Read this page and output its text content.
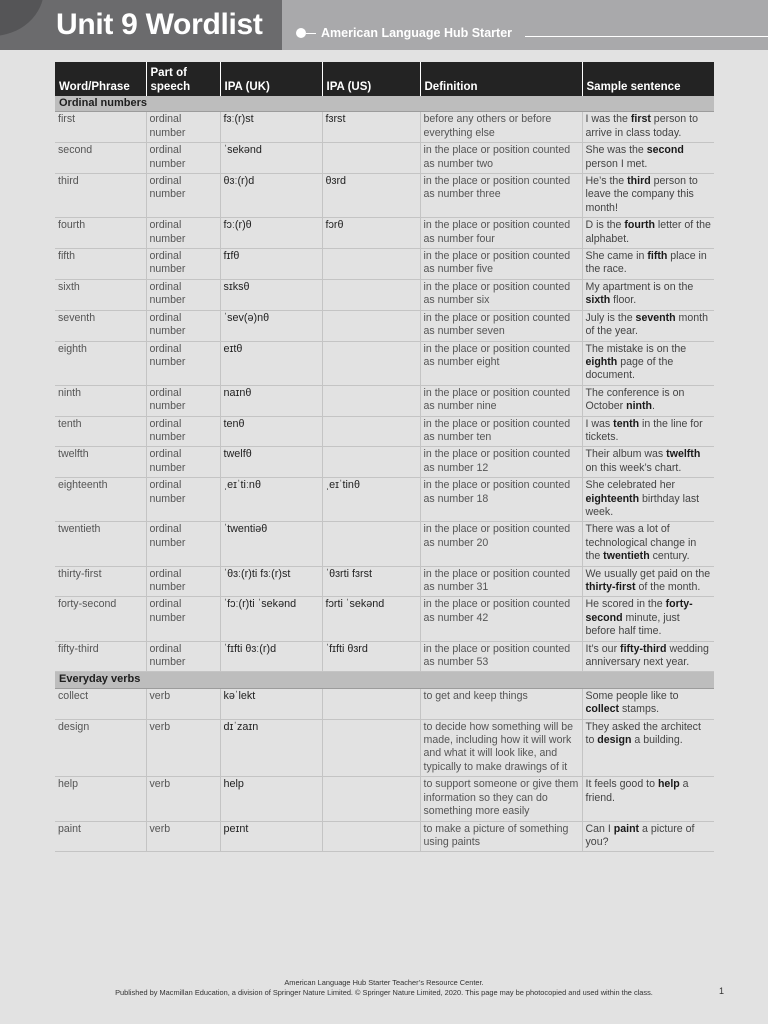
Unit 9 Wordlist	American Language Hub Starter
Word/Phrase	Part of speech	IPA (UK)	IPA (US)	Definition	Sample sentence
Ordinal numbers					
first	ordinal number	fɜː(r)st	fɜrst	before any others or before everything else	I was the first person to arrive in class today.
second	ordinal number	ˈsekənd		in the place or position counted as number two	She was the second person I met.
third	ordinal number	θɜː(r)d	θɜrd	in the place or position counted as number three	He’s the third person to leave the company this month!
fourth	ordinal number	fɔː(r)θ	fɔrθ	in the place or position counted as number four	D is the fourth letter of the alphabet.
fifth	ordinal number	fɪfθ		in the place or position counted as number five	She came in fifth place in the race.
sixth	ordinal number	sɪksθ		in the place or position counted as number six	My apartment is on the sixth floor.
seventh	ordinal number	ˈsev(ə)nθ		in the place or position counted as number seven	July is the seventh month of the year.
eighth	ordinal number	eɪtθ		in the place or position counted as number eight	The mistake is on the eighth page of the document.
ninth	ordinal number	naɪnθ		in the place or position counted as number nine	The conference is on October ninth.
tenth	ordinal number	tenθ		in the place or position counted as number ten	I was tenth in the line for tickets.
twelfth	ordinal number	twelfθ		in the place or position counted as number 12	Their album was twelfth on this week’s chart.
eighteenth	ordinal number	ˌeɪˈtiːnθ	ˌeɪˈtinθ	in the place or position counted as number 18	She celebrated her eighteenth birthday last week.
twentieth	ordinal number	ˈtwentiəθ		in the place or position counted as number 20	There was a lot of technological change in the twentieth century.
thirty-first	ordinal number	ˈθɜː(r)ti fɜː(r)st	ˈθɜrti fɜrst	in the place or position counted as number 31	We usually get paid on the thirty-first of the month.
forty-second	ordinal number	ˈfɔː(r)ti ˈsekənd	fɔrti ˈsekənd	in the place or position counted as number 42	He scored in the forty-second minute, just before half time.
fifty-third	ordinal number	ˈfɪfti θɜː(r)d	ˈfɪfti θɜrd	in the place or position counted as number 53	It’s our fifty-third wedding anniversary next year.
Everyday verbs					
collect	verb	kəˈlekt		to get and keep things	Some people like to collect stamps.
design	verb	dɪˈzaɪn		to decide how something will be made, including how it will work and what it will look like, and typically to make drawings of it	They asked the architect to design a building.
help	verb	help		to support someone or give them information so they can do something more easily	It feels good to help a friend.
paint	verb	peɪnt		to make a picture of something using paints	Can I paint a picture of you?
American Language Hub Starter Teacher’s Resource Center.
Published by Macmillan Education, a division of Springer Nature Limited. © Springer Nature Limited, 2020. This page may be photocopied and used within the class.	1
